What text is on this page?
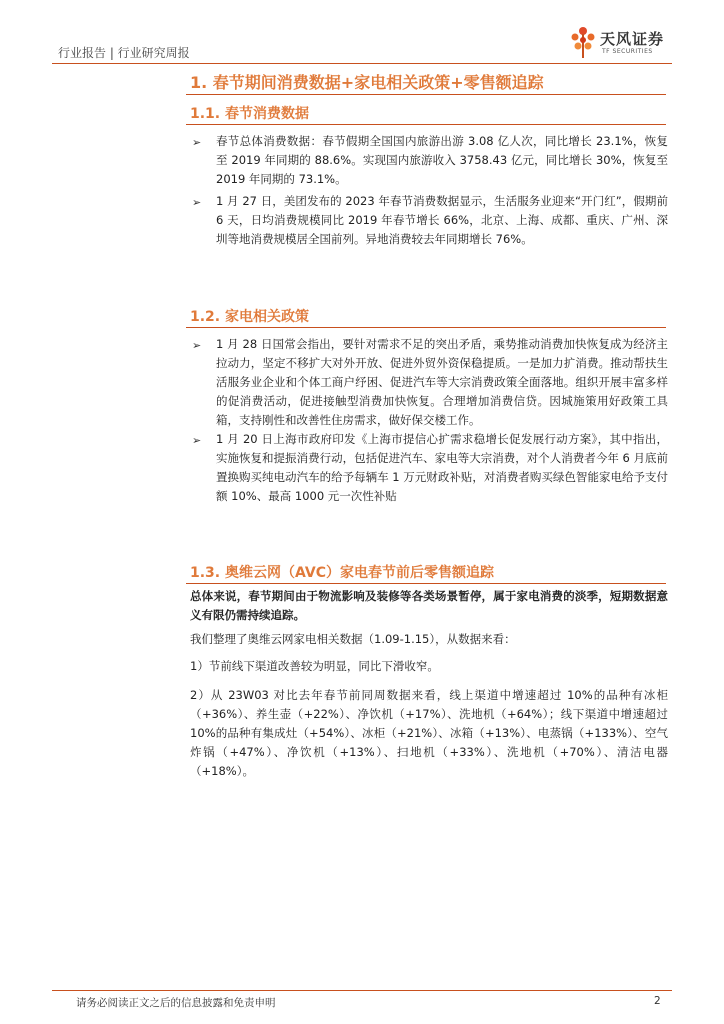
行业报告 | 行业研究周报
天风证券
TF SECURITIES
1. 春节期间消费数据+家电相关政策+零售额追踪
1.1. 春节消费数据
➢ 春节总体消费数据：春节假期全国国内旅游出游 3.08 亿人次，同比增长 23.1%，恢复至 2019 年同期的 88.6%。实现国内旅游收入 3758.43 亿元，同比增长 30%，恢复至 2019 年同期的 73.1%。
➢ 1 月 27 日，美团发布的 2023 年春节消费数据显示，生活服务业迎来“开门红”，假期前 6 天，日均消费规模同比 2019 年春节增长 66%，北京、上海、成都、重庆、广州、深圳等地消费规模居全国前列。异地消费较去年同期增长 76%。
1.2. 家电相关政策
➢ 1 月 28 日国常会指出，要针对需求不足的突出矛盾，乘势推动消费加快恢复成为经济主拉动力，坚定不移扩大对外开放、促进外贸外资保稳提质。一是加力扩消费。推动帮扶生活服务业企业和个体工商户纾困、促进汽车等大宗消费政策全面落地。组织开展丰富多样的促消费活动，促进接触型消费加快恢复。合理增加消费信贷。因城施策用好政策工具箱，支持刚性和改善性住房需求，做好保交楼工作。
➢ 1 月 20 日上海市政府印发《上海市提信心扩需求稳增长促发展行动方案》，其中指出，实施恢复和提振消费行动，包括促进汽车、家电等大宗消费，对个人消费者今年 6 月底前置换购买纯电动汽车的给予每辆车 1 万元财政补贴，对消费者购买绿色智能家电给予支付额 10%、最高 1000 元一次性补贴
1.3. 奥维云网（AVC）家电春节前后零售额追踪
总体来说，春节期间由于物流影响及装修等各类场景暂停，属于家电消费的淡季，短期数据意义有限仍需持续追踪。
我们整理了奥维云网家电相关数据（1.09-1.15），从数据来看：
1）节前线下渠道改善较为明显，同比下滑收窄。
2）从 23W03 对比去年春节前同周数据来看，线上渠道中增速超过 10%的品种有冰柜（+36%）、养生壶（+22%）、净饮机（+17%）、洗地机（+64%）；线下渠道中增速超过 10%的品种有集成灶（+54%）、冰柜（+21%）、冰箱（+13%）、电蒸锅（+133%）、空气炸锅（+47%）、净饮机（+13%）、扫地机（+33%）、洗地机（+70%）、清洁电器（+18%）。
请务必阅读正文之后的信息披露和免责申明	2
